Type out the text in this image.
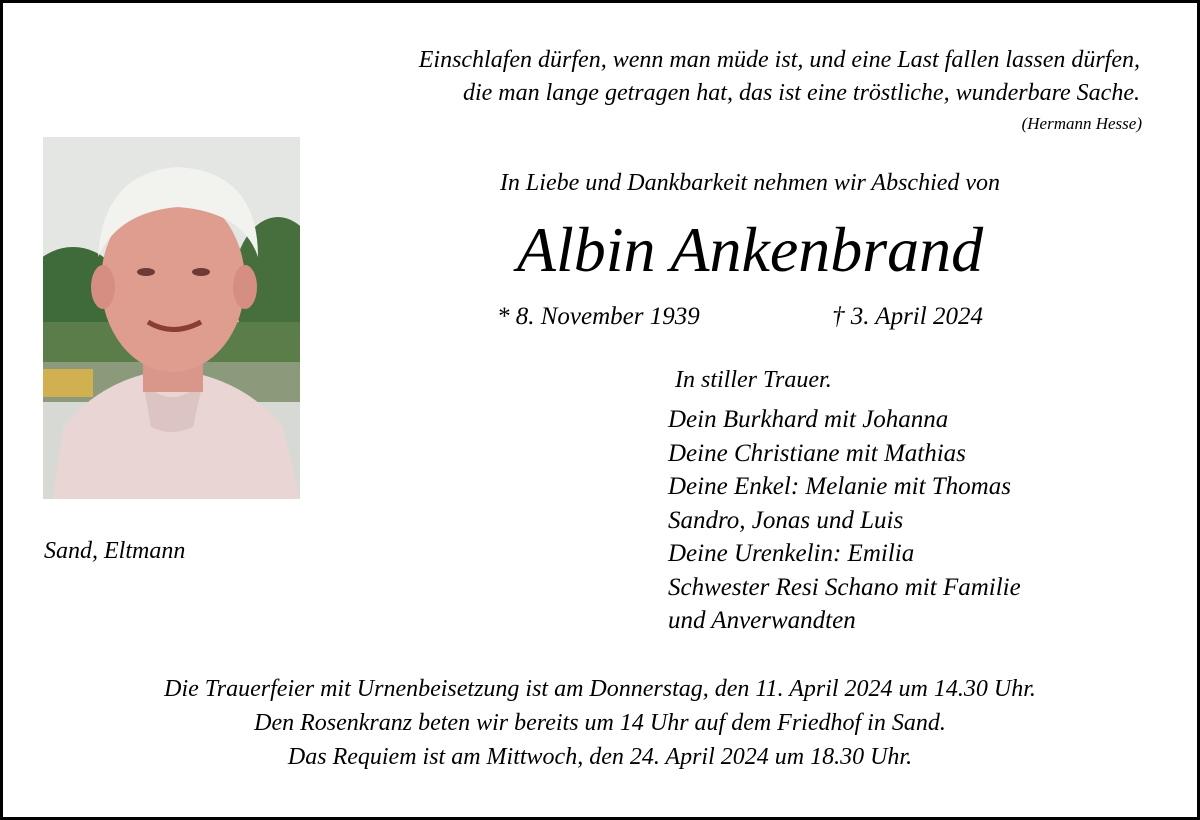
Einschlafen dürfen, wenn man müde ist, und eine Last fallen lassen dürfen,
die man lange getragen hat, das ist eine tröstliche, wunderbare Sache.
(Hermann Hesse)
Sand, Eltmann
In Liebe und Dankbarkeit nehmen wir Abschied von
Albin Ankenbrand
* 8. November 1939	† 3. April 2024
In stiller Trauer.
Dein Burkhard mit Johanna
Deine Christiane mit Mathias
Deine Enkel: Melanie mit Thomas
Sandro, Jonas und Luis
Deine Urenkelin: Emilia
Schwester Resi Schano mit Familie
und Anverwandten
Die Trauerfeier mit Urnenbeisetzung ist am Donnerstag, den 11. April 2024 um 14.30 Uhr.
Den Rosenkranz beten wir bereits um 14 Uhr auf dem Friedhof in Sand.
Das Requiem ist am Mittwoch, den 24. April 2024 um 18.30 Uhr.
